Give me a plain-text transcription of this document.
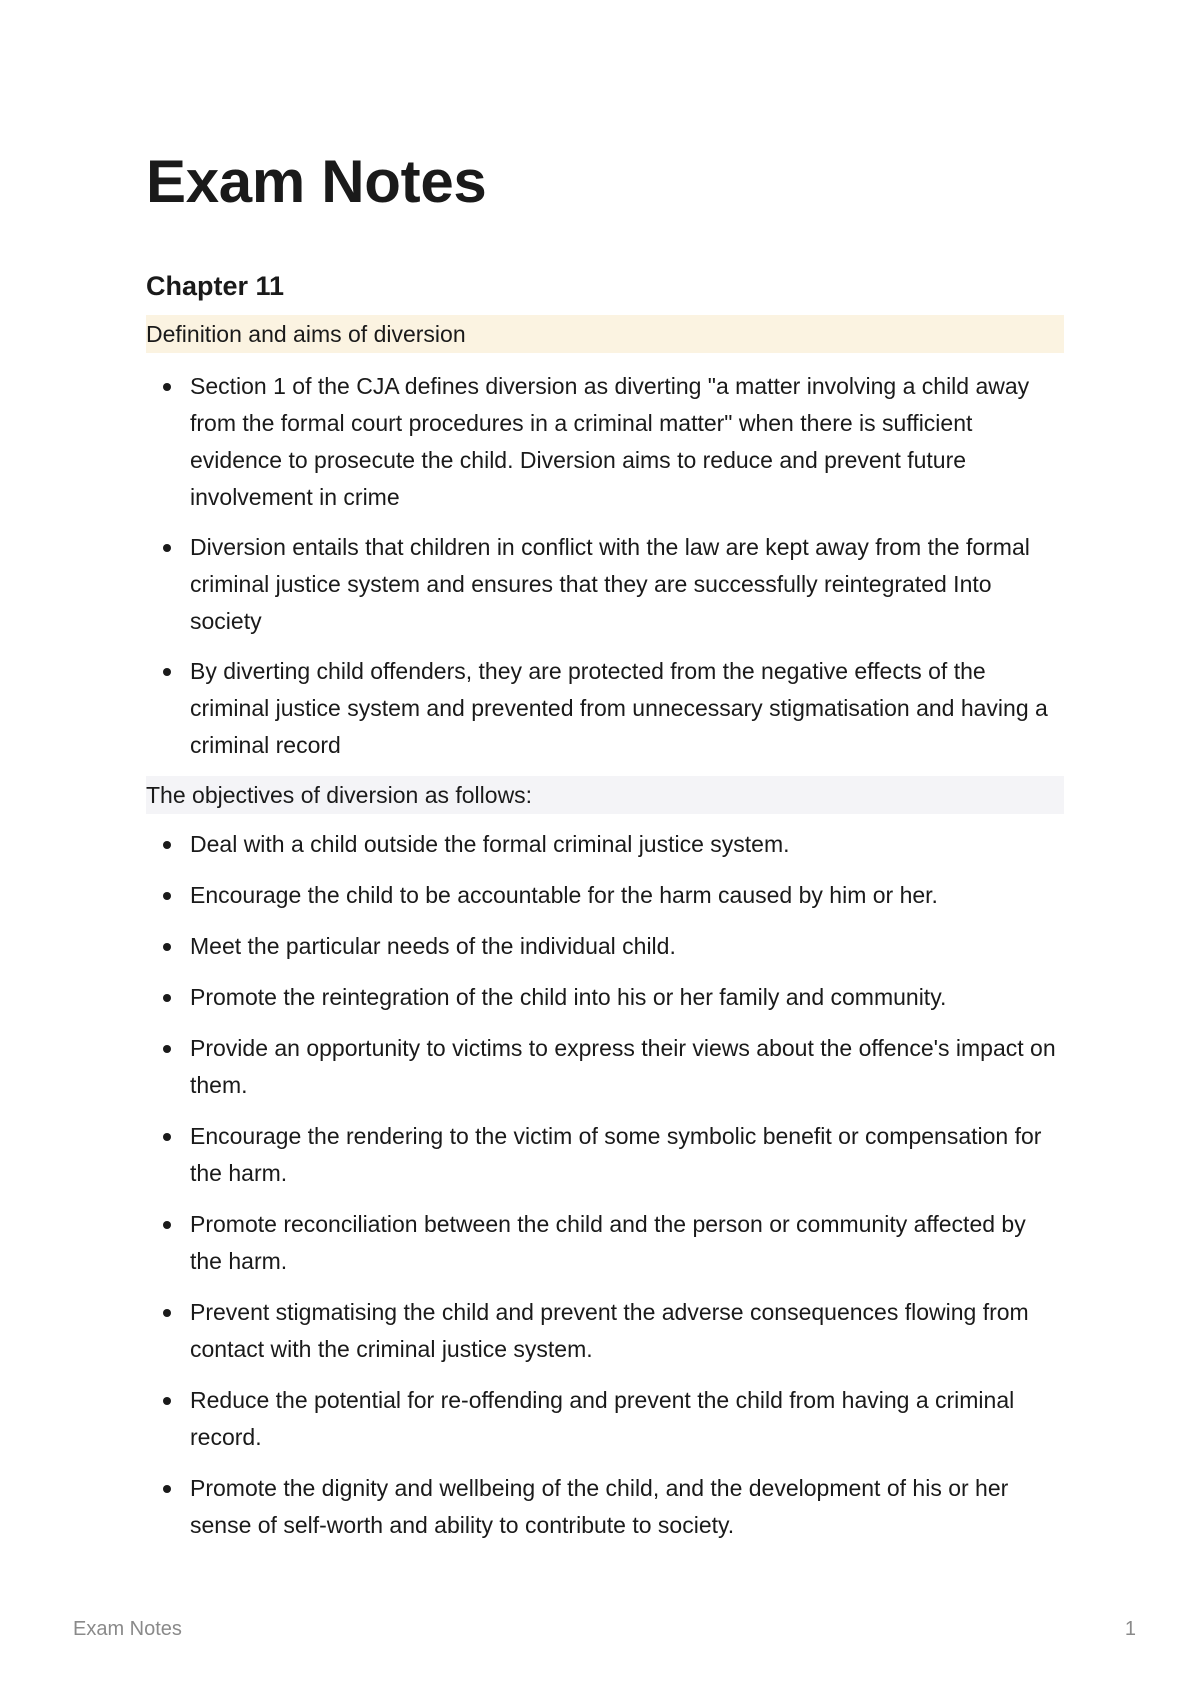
Exam Notes
Chapter 11
Definition and aims of diversion
Section 1 of the CJA defines diversion as diverting "a matter involving a child away from the formal court procedures in a criminal matter" when there is sufficient evidence to prosecute the child. Diversion aims to reduce and prevent future involvement in crime
Diversion entails that children in conflict with the law are kept away from the formal criminal justice system and ensures that they are successfully reintegrated Into society
By diverting child offenders, they are protected from the negative effects of the criminal justice system and prevented from unnecessary stigmatisation and having a criminal record
The objectives of diversion as follows:
Deal with a child outside the formal criminal justice system.
Encourage the child to be accountable for the harm caused by him or her.
Meet the particular needs of the individual child.
Promote the reintegration of the child into his or her family and community.
Provide an opportunity to victims to express their views about the offence's impact on them.
Encourage the rendering to the victim of some symbolic benefit or compensation for the harm.
Promote reconciliation between the child and the person or community affected by the harm.
Prevent stigmatising the child and prevent the adverse consequences flowing from contact with the criminal justice system.
Reduce the potential for re-offending and prevent the child from having a criminal record.
Promote the dignity and wellbeing of the child, and the development of his or her sense of self-worth and ability to contribute to society.
Exam Notes	1
